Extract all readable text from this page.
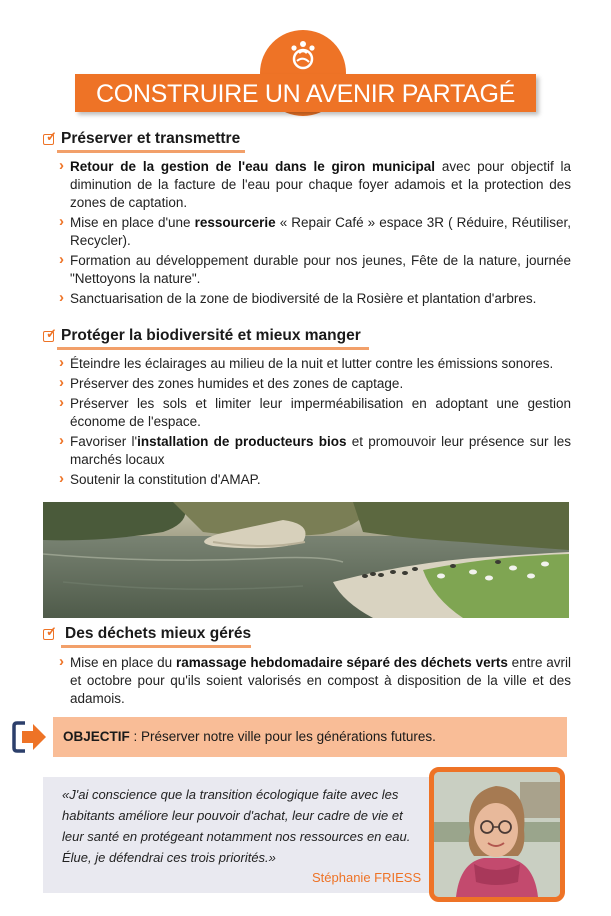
CONSTRUIRE UN AVENIR PARTAGÉ
✓ Préserver et transmettre
› Retour de la gestion de l'eau dans le giron municipal avec pour objectif la diminution de la facture de l'eau pour chaque foyer adamois et la protection des zones de captation.
› Mise en place d'une ressourcerie « Repair Café » espace 3R ( Réduire, Réutiliser, Recycler).
› Formation au développement durable pour nos jeunes, Fête de la nature, journée "Nettoyons la nature".
› Sanctuarisation de la zone de biodiversité de la Rosière et plantation d'arbres.
✓ Protéger la biodiversité et mieux manger
› Éteindre les éclairages au milieu de la nuit et lutter contre les émissions sonores.
› Préserver des zones humides et des zones de captage.
› Préserver les sols et limiter leur imperméabilisation en adoptant une gestion économe de l'espace.
› Favoriser l'installation de producteurs bios et promouvoir leur présence sur les marchés locaux
› Soutenir la constitution d'AMAP.
✓ Des déchets mieux gérés
› Mise en place du ramassage hebdomadaire séparé des déchets verts entre avril et octobre pour qu'ils soient valorisés en compost à disposition de la ville et des adamois.
OBJECTIF : Préserver notre ville pour les générations futures.

«J'ai conscience que la transition écologique faite avec les habitants améliore leur pouvoir d'achat, leur cadre de vie et leur santé en protégeant notamment nos ressources en eau. Élue, je défendrai ces trois priorités.»

Stéphanie FRIESS
